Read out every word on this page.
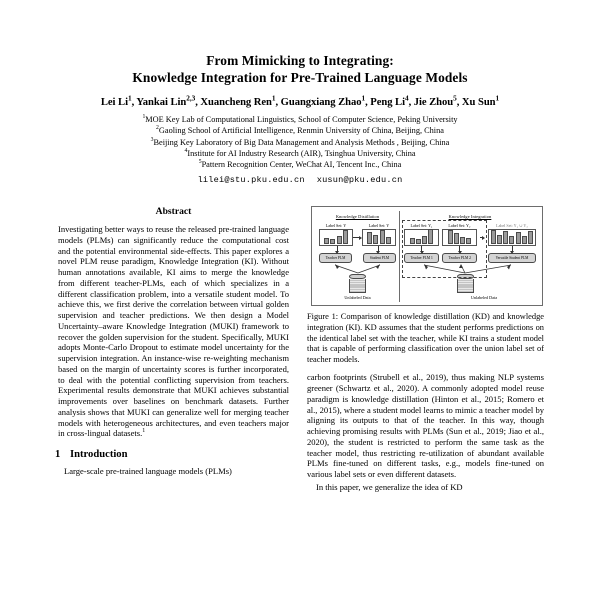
From Mimicking to Integrating:
Knowledge Integration for Pre-Trained Language Models
Lei Li$^1$, Yankai Lin$^{2,3}$, Xuancheng Ren$^1$, Guangxiang Zhao$^1$, Peng Li$^4$, Jie Zhou$^5$, Xu Sun$^1$
$^1$MOE Key Lab of Computational Linguistics, School of Computer Science, Peking University
$^2$Gaoling School of Artificial Intelligence, Renmin University of China, Beijing, China
$^3$Beijing Key Laboratory of Big Data Management and Analysis Methods , Beijing, China
$^4$Institute for AI Industry Research (AIR), Tsinghua University, China
$^5$Pattern Recognition Center, WeChat AI, Tencent Inc., China
lilei@stu.pku.edu.cn xusun@pku.edu.cn
Abstract

Investigating better ways to reuse the released pre-trained language models (PLMs) can significantly reduce the computational cost and the potential environmental side-effects. This paper explores a novel PLM reuse paradigm, Knowledge Integration (KI). Without human annotations available, KI aims to merge the knowledge from different teacher-PLMs, each of which specializes in a different classification problem, into a versatile student model. To achieve this, we first derive the correlation between virtual golden supervision and teacher predictions. We then design a Model Uncertainty–aware Knowledge Integration (MUKI) framework to recover the golden supervision for the student. Specifically, MUKI adopts Monte-Carlo Dropout to estimate model uncertainty for the supervision integration. An instance-wise re-weighting mechanism based on the margin of uncertainty scores is further incorporated, to deal with the potential conflicting supervision from teachers. Experimental results demonstrate that MUKI achieves substantial improvements over baselines on benchmark datasets. Further analysis shows that MUKI can generalize well for merging teacher models with heterogeneous architectures, and even teachers major in cross-lingual datasets.$^1$

1 Introduction

Large-scale pre-trained language models (PLMs)

Knowledge Distillation
Label Set: Y	Label Set: Y
Teacher PLM	Student PLM
Unlabeled Data
Knowledge Integration
Label Set: Y₁	Label Set: Y₂	Label Set: Y₁ ∪ Y₂
Teacher PLM 1	Teacher PLM 2	Versatile Student PLM
Unlabeled Data

Figure 1: Comparison of knowledge distillation (KD) and knowledge integration (KI). KD assumes that the student performs predictions on the identical label set with the teacher, while KI trains a student model that is capable of performing classification over the union label set of teacher models.

carbon footprints (Strubell et al., 2019), thus making NLP systems greener (Schwartz et al., 2020). A commonly adopted model reuse paradigm is knowledge distillation (Hinton et al., 2015; Romero et al., 2015), where a student model learns to mimic a teacher model by aligning its outputs to that of the teacher. In this way, though achieving promising results with PLMs (Sun et al., 2019; Jiao et al., 2020), the student is restricted to perform the same task as the teacher model, thus restricting re-utilization of abundant available PLMs fine-tuned on different tasks, e.g., models fine-tuned on various label sets or even different datasets.

In this paper, we generalize the idea of KD
